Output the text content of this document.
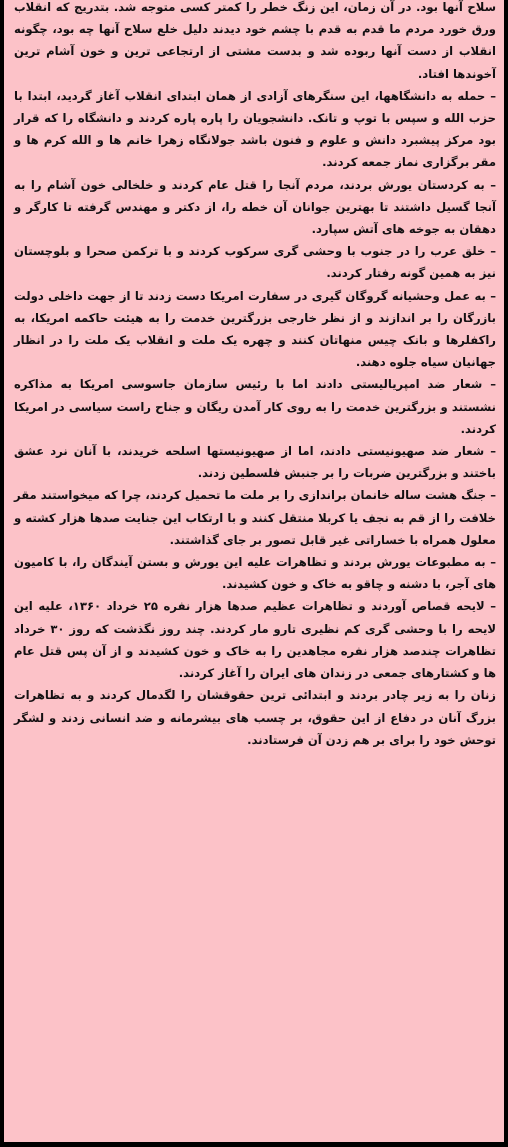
سلاح آنها بود. در آن زمان، این زنگ خطر را کمتر کسی متوجه شد. بتدریج که انقلاب ورق خورد مردم ما قدم به قدم با چشم خود دیدند دلیل خلع سلاح آنها چه بود، چگونه انقلاب از دست آنها ربوده شد و بدست مشتی از ارتجاعی ترین و خون آشام ترین آخوندها افتاد.

– حمله به دانشگاهها، این سنگرهای آزادی از همان ابتدای انقلاب آغاز گردید، ابتدا با حزب الله و سپس با توپ و تانک. دانشجویان را پاره پاره کردند و دانشگاه را که قرار بود مرکز پیشبرد دانش و علوم و فنون باشد جولانگاه زهرا خانم ها و الله کرم ها و مقر برگزاری نماز جمعه کردند.

– به کردستان یورش بردند، مردم آنجا را قتل عام کردند و خلخالی خون آشام را به آنجا گسیل داشتند تا بهترین جوانان آن خطه را، از دکتر و مهندس گرفته تا کارگر و دهقان به جوخه های آتش سپارد.

– خلق عرب را در جنوب با وحشی گری سرکوب کردند و با ترکمن صحرا و بلوچستان نیز به همین گونه رفتار کردند.

– به عمل وحشیانه گروگان گیری در سفارت امریکا دست زدند تا از جهت داخلی دولت بازرگان را بر اندازند و از نظر خارجی بزرگترین خدمت را به هیئت حاکمه امریکا، به راکفلرها و بانک چیس منهاتان کنند و چهره یک ملت و انقلاب یک ملت را در انظار جهانیان سیاه جلوه دهند.

– شعار ضد امپریالیستی دادند اما با رئیس سازمان جاسوسی امریکا به مذاکره نشستند و بزرگترین خدمت را به روی کار آمدن ریگان و جناح راست سیاسی در امریکا کردند.

– شعار ضد صهیونیستی دادند، اما از صهیونیستها اسلحه خریدند، با آنان نرد عشق باختند و بزرگترین ضربات را بر جنبش فلسطین زدند.

– جنگ هشت ساله خانمان براندازی را بر ملت ما تحمیل کردند، چرا که میخواستند مقر خلافت را از قم به نجف یا کربلا منتقل کنند و با ارتکاب این جنایت صدها هزار کشته و معلول همراه با خساراتی غیر قابل تصور بر جای گذاشتند.

– به مطبوعات یورش بردند و تظاهرات علیه این یورش و بستن آیندگان را، با کامیون های آجر، با دشنه و چاقو به خاک و خون کشیدند.

– لایحه قصاص آوردند و تظاهرات عظیم صدها هزار نفره ۲۵ خرداد ۱۳۶۰، علیه این لایحه را با وحشی گری کم نظیری تارو مار کردند. چند روز نگذشت که روز ۳۰ خرداد تظاهرات چندصد هزار نفره مجاهدین را به خاک و خون کشیدند و از آن پس قتل عام ها و کشتارهای جمعی در زندان های ایران را آغاز کردند.

زنان را به زیر چادر بردند و ابتدائی ترین حقوقشان را لگدمال کردند و به تظاهرات بزرگ آنان در دفاع از این حقوق، بر چسب های بیشرمانه و ضد انسانی زدند و لشگر توحش خود را برای بر هم زدن آن فرستادند.
